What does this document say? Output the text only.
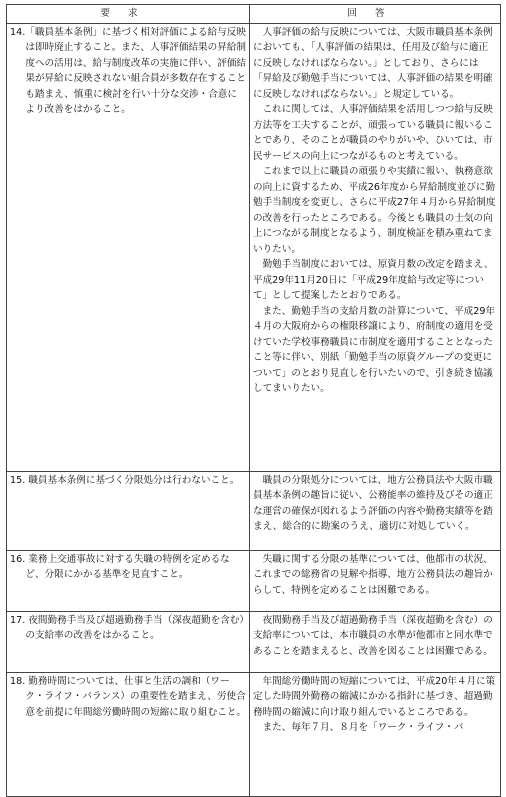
要求	回答

14.「職員基本条例」に基づく相対評価による給与反映は即時廃止すること。また、人事評価結果の昇給制度への活用は、給与制度改革の実施に伴い、評価結果が昇給に反映されない組合員が多数存在することも踏まえ、慎重に検討を行い十分な交渉・合意により改善をはかること。	人事評価の給与反映については、大阪市職員基本条例においても、「人事評価の結果は、任用及び給与に適正に反映しなければならない。」としており、さらには「昇給及び勤勉手当については、人事評価の結果を明確に反映しなければならない。」と規定している。

これに関しては、人事評価結果を活用しつつ給与反映方法等を工夫することが、頑張っている職員に報いることであり、そのことが職員のやりがいや、ひいては、市民サービスの向上につながるものと考えている。

これまで以上に職員の頑張りや実績に報い、執務意欲の向上に資するため、平成26年度から昇給制度並びに勤勉手当制度を変更し、さらに平成27年４月から昇給制度の改善を行ったところである。今後とも職員の士気の向上につながる制度となるよう、制度検証を積み重ねてまいりたい。

勤勉手当制度においては、原資月数の改定を踏まえ、平成29年11月20日に「平成29年度給与改定等について」として提案したとおりである。

また、勤勉手当の支給月数の計算について、平成29年４月の大阪府からの権限移譲により、府制度の適用を受けていた学校事務職員に市制度を適用することとなったこと等に伴い、別紙「勤勉手当の原資グループの変更について」のとおり見直しを行いたいので、引き続き協議してまいりたい。

15. 職員基本条例に基づく分限処分は行わないこと。	職員の分限処分については、地方公務員法や大阪市職員基本条例の趣旨に従い、公務能率の維持及びその適正な運営の確保が図れるよう評価の内容や勤務実績等を踏まえ、総合的に勘案のうえ、適切に対処していく。

16. 業務上交通事故に対する失職の特例を定めるなど、分限にかかる基準を見直すこと。	失職に関する分限の基準については、他都市の状況、これまでの総務省の見解や指導、地方公務員法の趣旨からして、特例を定めることは困難である。

17. 夜間勤務手当及び超過勤務手当（深夜超勤を含む）の支給率の改善をはかること。	夜間勤務手当及び超過勤務手当（深夜超勤を含む）の支給率については、本市職員の水準が他都市と同水準であることを踏まえると、改善を図ることは困難である。

18. 勤務時間については、仕事と生活の調和（ワーク・ライフ・バランス）の重要性を踏まえ、労使合意を前提に年間総労働時間の短縮に取り組むこと。	年間総労働時間の短縮については、平成20年４月に策定した時間外勤務の縮減にかかる指針に基づき、超過勤務時間の縮減に向け取り組んでいるところである。

また、毎年７月、８月を「ワーク・ライフ・バ
